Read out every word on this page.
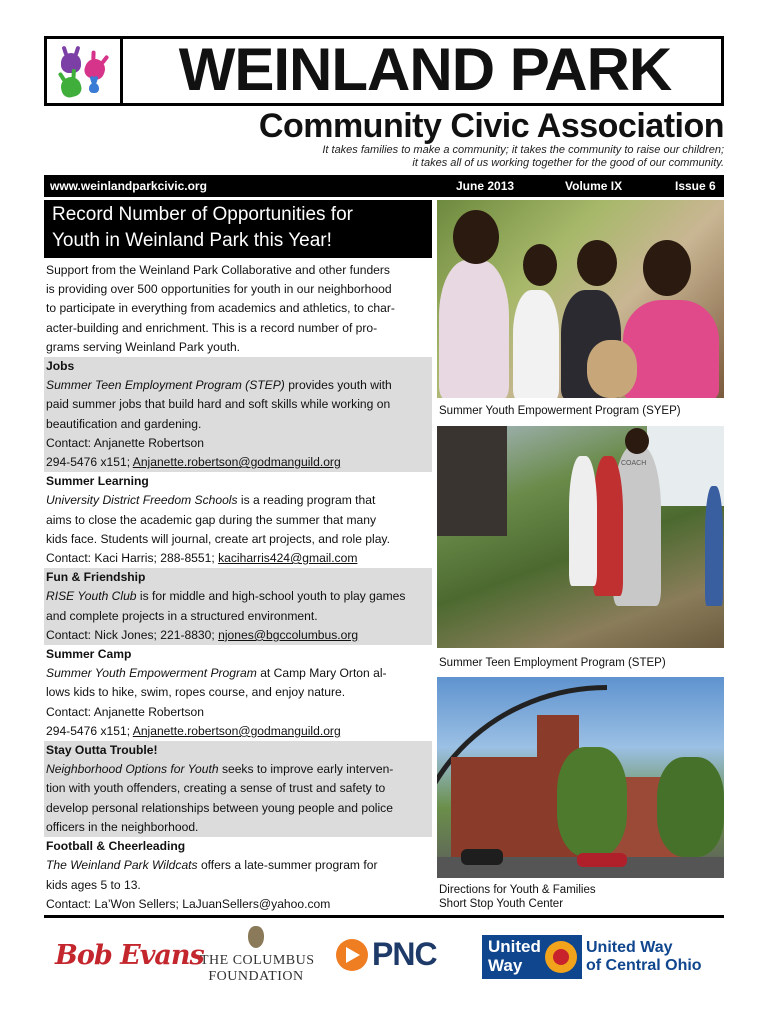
WEINLAND PARK
Community Civic Association
It takes families to make a community; it takes the community to raise our children;
it takes all of us working together for the good of our community.
www.weinlandparkcivic.org	June 2013	Volume IX	Issue 6
Record Number of Opportunities for
Youth in Weinland Park this Year!

Support from the Weinland Park Collaborative and other funders
is providing over 500 opportunities for youth in our neighborhood
to participate in everything from academics and athletics, to char-
acter-building and enrichment. This is a record number of pro-
grams serving Weinland Park youth.

Jobs
Summer Teen Employment Program (STEP) provides youth with
paid summer jobs that build hard and soft skills while working on
beautification and gardening.
Contact: Anjanette Robertson
294-5476 x151; Anjanette.robertson@godmanguild.org
Summer Learning
University District Freedom Schools is a reading program that
aims to close the academic gap during the summer that many
kids face. Students will journal, create art projects, and role play.
Contact: Kaci Harris; 288-8551; kaciharris424@gmail.com
Fun & Friendship
RISE Youth Club is for middle and high-school youth to play games
and complete projects in a structured environment.
Contact: Nick Jones; 221-8830; njones@bgccolumbus.org
Summer Camp
Summer Youth Empowerment Program at Camp Mary Orton al-
lows kids to hike, swim, ropes course, and enjoy nature.
Contact: Anjanette Robertson
294-5476 x151; Anjanette.robertson@godmanguild.org
Stay Outta Trouble!
Neighborhood Options for Youth seeks to improve early interven-
tion with youth offenders, creating a sense of trust and safety to
develop personal relationships between young people and police
officers in the neighborhood.
Football & Cheerleading
The Weinland Park Wildcats offers a late-summer program for
kids ages 5 to 13.
Contact: La’Won Sellers; LaJuanSellers@yahoo.com
Summer Youth Empowerment Program (SYEP)
COACH
Summer Teen Employment Program (STEP)
Directions for Youth & Families
Short Stop Youth Center
Bob Evans
THE COLUMBUS
FOUNDATION
PNC	United
Way
United Way
of Central Ohio
